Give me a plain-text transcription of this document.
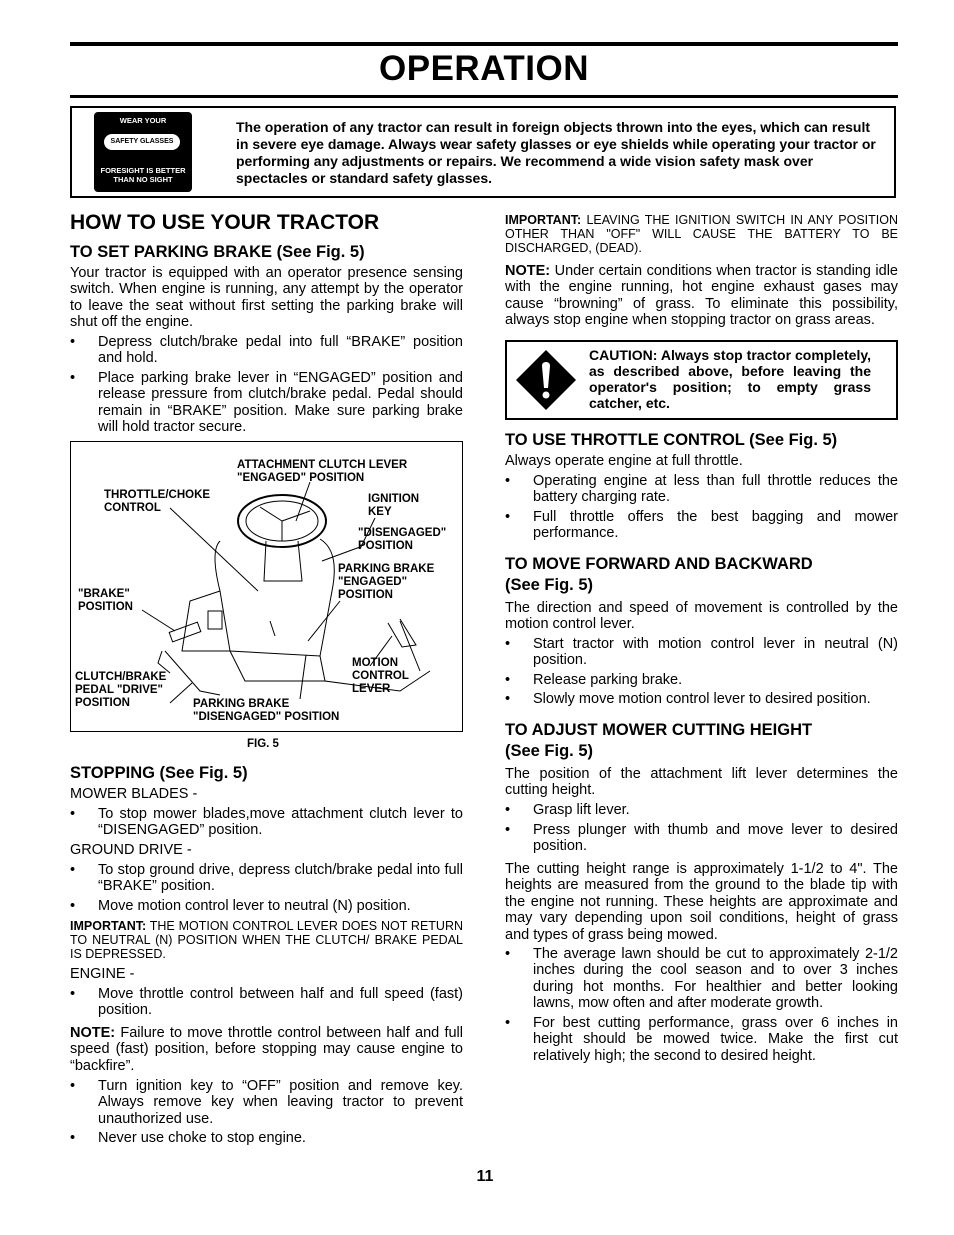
OPERATION
WEAR YOUR
SAFETY GLASSES
FORESIGHT IS BETTER THAN NO SIGHT
The operation of any tractor can result in foreign objects thrown into the eyes, which can result in severe eye damage. Always wear safety glasses or eye shields while operating your tractor or performing any adjustments or repairs. We recommend a wide vision safety mask over spectacles or standard safety glasses.
HOW TO USE YOUR TRACTOR
TO SET PARKING BRAKE (See Fig. 5)
Your tractor is equipped with an operator presence sensing switch. When engine is running, any attempt by the operator to leave the seat without first setting the parking brake will shut off the engine.
• Depress clutch/brake pedal into full “BRAKE” position and hold.
• Place parking brake lever in “ENGAGED” position and release pressure from clutch/brake pedal. Pedal should remain in “BRAKE” position. Make sure parking brake will hold tractor secure.
ATTACHMENT CLUTCH LEVER "ENGAGED" POSITION
THROTTLE/CHOKE CONTROL
IGNITION KEY
"DISENGAGED" POSITION
PARKING BRAKE "ENGAGED" POSITION
"BRAKE" POSITION
MOTION CONTROL LEVER
CLUTCH/BRAKE PEDAL "DRIVE" POSITION	PARKING BRAKE "DISENGAGED" POSITION
FIG. 5
STOPPING (See Fig. 5)
MOWER BLADES -
• To stop mower blades,move attachment clutch lever to “DISENGAGED” position.
GROUND DRIVE -
• To stop ground drive, depress clutch/brake pedal into full “BRAKE” position.
• Move motion control lever to neutral (N) position.
IMPORTANT: THE MOTION CONTROL LEVER DOES NOT RETURN TO NEUTRAL (N) POSITION WHEN THE CLUTCH/ BRAKE PEDAL IS DEPRESSED.
ENGINE -
• Move throttle control between half and full speed (fast) position.
NOTE: Failure to move throttle control between half and full speed (fast) position, before stopping may cause engine to “backfire”.
• Turn ignition key to “OFF” position and remove key. Always remove key when leaving tractor to prevent unauthorized use.
• Never use choke to stop engine.
IMPORTANT: LEAVING THE IGNITION SWITCH IN ANY POSITION OTHER THAN "OFF" WILL CAUSE THE BATTERY TO BE DISCHARGED, (DEAD).
NOTE: Under certain conditions when tractor is standing idle with the engine running, hot engine exhaust gases may cause “browning” of grass. To eliminate this possibility, always stop engine when stopping tractor on grass areas.
CAUTION: Always stop tractor completely, as described above, before leaving the operator's position; to empty grass catcher, etc.
TO USE THROTTLE CONTROL (See Fig. 5)
Always operate engine at full throttle.
• Operating engine at less than full throttle reduces the battery charging rate.
• Full throttle offers the best bagging and mower performance.
TO MOVE FORWARD AND BACKWARD
(See Fig. 5)
The direction and speed of movement is controlled by the motion control lever.
• Start tractor with motion control lever in neutral (N) position.
• Release parking brake.
• Slowly move motion control lever to desired position.
TO ADJUST MOWER CUTTING HEIGHT
(See Fig. 5)
The position of the attachment lift lever determines the cutting height.
• Grasp lift lever.
• Press plunger with thumb and move lever to desired position.
The cutting height range is approximately 1-1/2 to 4". The heights are measured from the ground to the blade tip with the engine not running. These heights are approximate and may vary depending upon soil conditions, height of grass and types of grass being mowed.
• The average lawn should be cut to approximately 2-1/2 inches during the cool season and to over 3 inches during hot months. For healthier and better looking lawns, mow often and after moderate growth.
• For best cutting performance, grass over 6 inches in height should be mowed twice. Make the first cut relatively high; the second to desired height.
11
